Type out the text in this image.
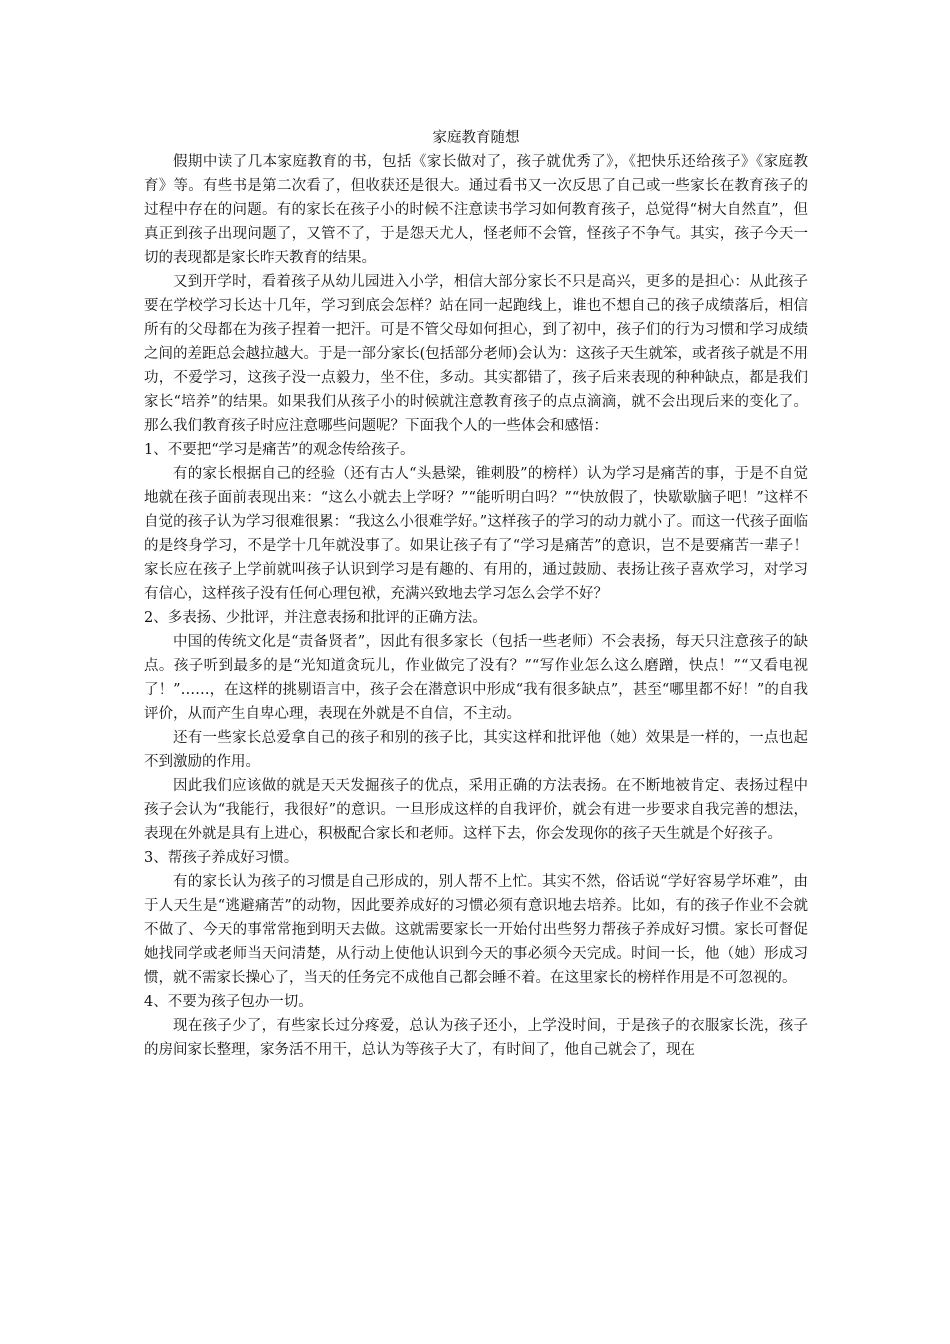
家庭教育随想

假期中读了几本家庭教育的书，包括《家长做对了，孩子就优秀了》，《把快乐还给孩子》《家庭教育》等。有些书是第二次看了，但收获还是很大。通过看书又一次反思了自己或一些家长在教育孩子的过程中存在的问题。有的家长在孩子小的时候不注意读书学习如何教育孩子，总觉得“树大自然直”，但真正到孩子出现问题了，又管不了，于是怨天尤人，怪老师不会管，怪孩子不争气。其实，孩子今天一切的表现都是家长昨天教育的结果。

又到开学时，看着孩子从幼儿园进入小学，相信大部分家长不只是高兴，更多的是担心：从此孩子要在学校学习长达十几年，学习到底会怎样？站在同一起跑线上，谁也不想自己的孩子成绩落后，相信所有的父母都在为孩子捏着一把汗。可是不管父母如何担心，到了初中，孩子们的行为习惯和学习成绩之间的差距总会越拉越大。于是一部分家长(包括部分老师)会认为：这孩子天生就笨，或者孩子就是不用功，不爱学习，这孩子没一点毅力，坐不住，多动。其实都错了，孩子后来表现的种种缺点，都是我们家长“培养”的结果。如果我们从孩子小的时候就注意教育孩子的点点滴滴，就不会出现后来的变化了。那么我们教育孩子时应注意哪些问题呢？下面我个人的一些体会和感悟：

1、不要把“学习是痛苦”的观念传给孩子。

有的家长根据自己的经验（还有古人“头悬梁，锥刺股”的榜样）认为学习是痛苦的事，于是不自觉地就在孩子面前表现出来：“这么小就去上学呀？”“能听明白吗？”“快放假了，快歇歇脑子吧！”这样不自觉的孩子认为学习很难很累：“我这么小很难学好。”这样孩子的学习的动力就小了。而这一代孩子面临的是终身学习，不是学十几年就没事了。如果让孩子有了“学习是痛苦”的意识，岂不是要痛苦一辈子！家长应在孩子上学前就叫孩子认识到学习是有趣的、有用的，通过鼓励、表扬让孩子喜欢学习，对学习有信心，这样孩子没有任何心理包袱，充满兴致地去学习怎么会学不好？

2、多表扬、少批评，并注意表扬和批评的正确方法。

中国的传统文化是“责备贤者”，因此有很多家长（包括一些老师）不会表扬，每天只注意孩子的缺点。孩子听到最多的是“光知道贪玩儿，作业做完了没有？”“写作业怎么这么磨蹭，快点！”“又看电视了！”……，在这样的挑剔语言中，孩子会在潜意识中形成“我有很多缺点”，甚至“哪里都不好！”的自我评价，从而产生自卑心理，表现在外就是不自信，不主动。

还有一些家长总爱拿自己的孩子和别的孩子比，其实这样和批评他（她）效果是一样的，一点也起不到激励的作用。

因此我们应该做的就是天天发掘孩子的优点，采用正确的方法表扬。在不断地被肯定、表扬过程中孩子会认为“我能行，我很好”的意识。一旦形成这样的自我评价，就会有进一步要求自我完善的想法，表现在外就是具有上进心，积极配合家长和老师。这样下去，你会发现你的孩子天生就是个好孩子。

3、帮孩子养成好习惯。

有的家长认为孩子的习惯是自己形成的，别人帮不上忙。其实不然，俗话说“学好容易学坏难”，由于人天生是“逃避痛苦”的动物，因此要养成好的习惯必须有意识地去培养。比如，有的孩子作业不会就不做了、今天的事常常拖到明天去做。这就需要家长一开始付出些努力帮孩子养成好习惯。家长可督促她找同学或老师当天问清楚，从行动上使他认识到今天的事必须今天完成。时间一长，他（她）形成习惯，就不需家长操心了，当天的任务完不成他自己都会睡不着。在这里家长的榜样作用是不可忽视的。

4、不要为孩子包办一切。

现在孩子少了，有些家长过分疼爱，总认为孩子还小，上学没时间，于是孩子的衣服家长洗，孩子的房间家长整理，家务活不用干，总认为等孩子大了，有时间了，他自己就会了，现在
